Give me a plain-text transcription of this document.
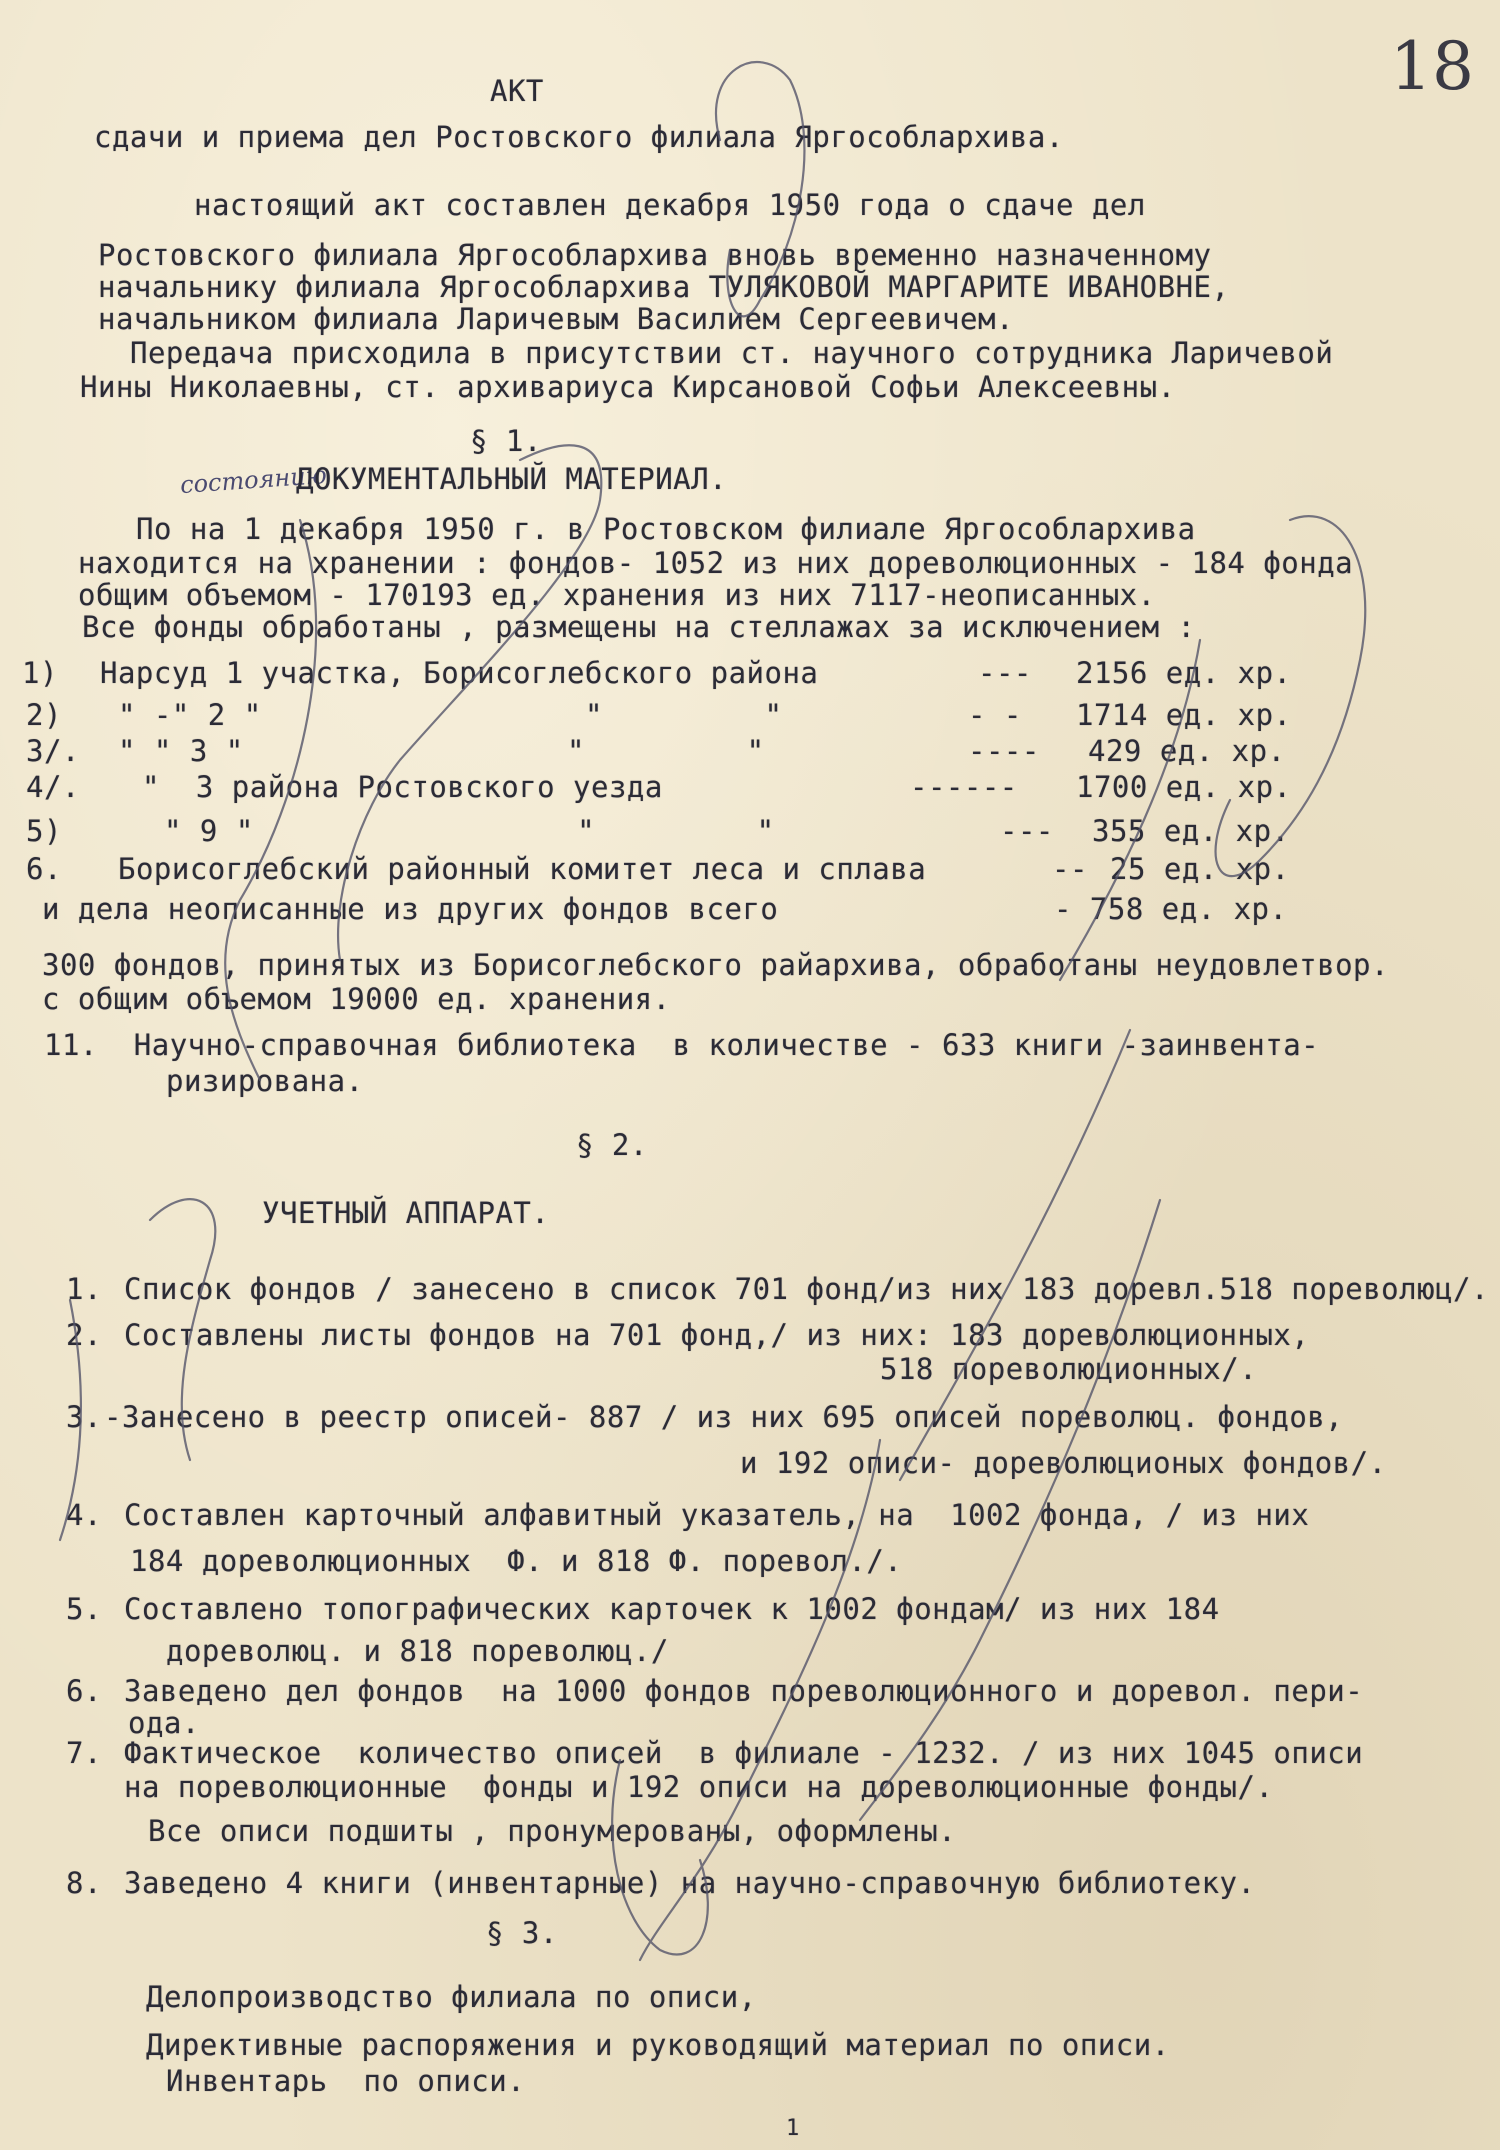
18
АКТ
сдачи и приема дел Ростовского филиала Яргособлархива.
настоящий акт составлен декабря 1950 года о сдаче дел
Ростовского филиала Яргособлархива вновь временно назначенному
начальнику филиала Яргособлархива ТУЛЯКОВОЙ МАРГАРИТЕ ИВАНОВНЕ,
начальником филиала Ларичевым Василием Сергеевичем.
Передача присходила в присутствии ст. научного сотрудника Ларичевой
Нины Николаевны, ст. архивариуса Кирсановой Софьи Алексеевны.
§ 1.
состоянию
ДОКУМЕНТАЛЬНЫЙ МАТЕРИАЛ.
По на 1 декабря 1950 г. в Ростовском филиале Яргособлархива
находится на хранении : фондов- 1052 из них дореволюционных - 184 фонда
общим объемом - 170193 ед. хранения из них 7117-неописанных.
Все фонды обработаны , размещены на стеллажах за исключением :
1) Нарсуд 1 участка, Борисоглебского района	--- 2156 ед. хр.
2) " -" 2 "                  "         "	- - 1714 ед. хр.
3/. " " 3 "                  "         "	---- 429 ед. хр.
4/. "  3 района Ростовского уезда	------ 1700 ед. хр.
5)	" 9 "                  "         "	--- 355 ед. хр.
6. Борисоглебский районный комитет леса и сплава	-- 25 ед. хр.
и дела неописанные из других фондов всего	- 758 ед. хр.
300 фондов, принятых из Борисоглебского райархива, обработаны неудовлетвор.
с общим объемом 19000 ед. хранения.
11.  Научно-справочная библиотека  в количестве - 633 книги -заинвента-
ризирована.
§ 2.
УЧЕТНЫЙ АППАРАТ.
1. Список фондов / занесено в список 701 фонд/из них 183 доревл.518 пореволюц/.
2. Составлены листы фондов на 701 фонд,/ из них: 183 дореволюционных,
518 пореволюционных/.
3. -Занесено в реестр описей- 887 / из них 695 описей пореволюц. фондов,
и 192 описи- дореволюционых фондов/.
4. Составлен карточный алфавитный указатель, на  1002 фонда, / из них
184 дореволюционных  Ф. и 818 Ф. поревол./.
5. Составлено топографических карточек к 1002 фондам/ из них 184
дореволюц. и 818 пореволюц./
6. Заведено дел фондов  на 1000 фондов пореволюционного и доревол. пери-
ода.
7. Фактическое  количество описей  в филиале - 1232. / из них 1045 описи
на пореволюционные  фонды и 192 описи на дореволюционные фонды/.
Все описи подшиты , пронумерованы, оформлены.
8. Заведено 4 книги (инвентарные) на научно-справочную библиотеку.
§ 3.
Делопроизводство филиала по описи,
Директивные распоряжения и руководящий материал по описи.
Инвентарь  по описи.
1
